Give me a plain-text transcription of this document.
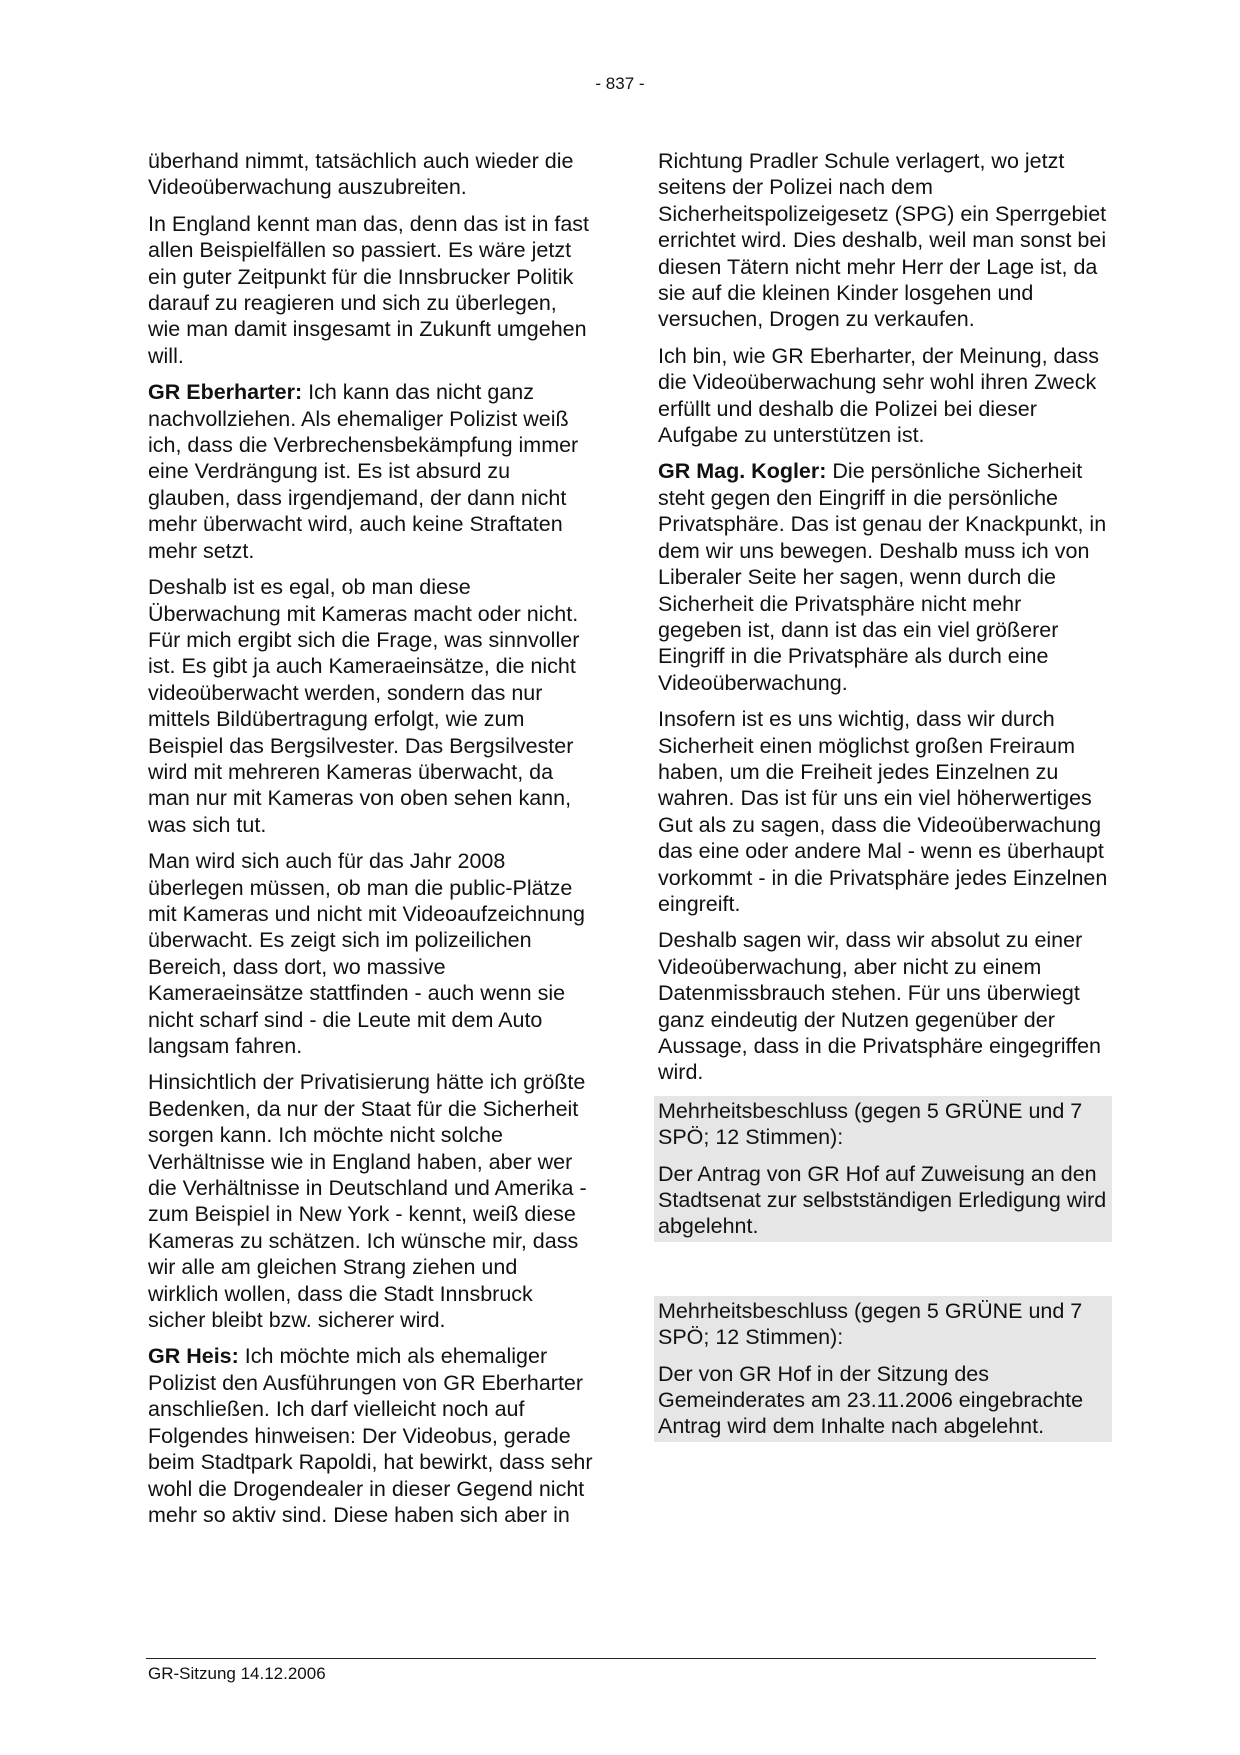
- 837 -

überhand nimmt, tatsächlich auch wieder die Videoüberwachung auszubreiten.

In England kennt man das, denn das ist in fast allen Beispielfällen so passiert. Es wäre jetzt ein guter Zeitpunkt für die Innsbrucker Politik darauf zu reagieren und sich zu überlegen, wie man damit insgesamt in Zukunft umgehen will.

GR Eberharter: Ich kann das nicht ganz nachvollziehen. Als ehemaliger Polizist weiß ich, dass die Verbrechensbekämpfung immer eine Verdrängung ist. Es ist absurd zu glauben, dass irgendjemand, der dann nicht mehr überwacht wird, auch keine Straftaten mehr setzt.

Deshalb ist es egal, ob man diese Überwachung mit Kameras macht oder nicht. Für mich ergibt sich die Frage, was sinnvoller ist. Es gibt ja auch Kameraeinsätze, die nicht videoüberwacht werden, sondern das nur mittels Bildübertragung erfolgt, wie zum Beispiel das Bergsilvester. Das Bergsilvester wird mit mehreren Kameras überwacht, da man nur mit Kameras von oben sehen kann, was sich tut.

Man wird sich auch für das Jahr 2008 überlegen müssen, ob man die public-Plätze mit Kameras und nicht mit Videoaufzeichnung überwacht. Es zeigt sich im polizeilichen Bereich, dass dort, wo massive Kameraeinsätze stattfinden - auch wenn sie nicht scharf sind - die Leute mit dem Auto langsam fahren.

Hinsichtlich der Privatisierung hätte ich größte Bedenken, da nur der Staat für die Sicherheit sorgen kann. Ich möchte nicht solche Verhältnisse wie in England haben, aber wer die Verhältnisse in Deutschland und Amerika - zum Beispiel in New York - kennt, weiß diese Kameras zu schätzen. Ich wünsche mir, dass wir alle am gleichen Strang ziehen und wirklich wollen, dass die Stadt Innsbruck sicher bleibt bzw. sicherer wird.

GR Heis: Ich möchte mich als ehemaliger Polizist den Ausführungen von GR Eberharter anschließen. Ich darf vielleicht noch auf Folgendes hinweisen: Der Videobus, gerade beim Stadtpark Rapoldi, hat bewirkt, dass sehr wohl die Drogendealer in dieser Gegend nicht mehr so aktiv sind. Diese haben sich aber in

Richtung Pradler Schule verlagert, wo jetzt seitens der Polizei nach dem Sicherheitspolizeigesetz (SPG) ein Sperrgebiet errichtet wird. Dies deshalb, weil man sonst bei diesen Tätern nicht mehr Herr der Lage ist, da sie auf die kleinen Kinder losgehen und versuchen, Drogen zu verkaufen.

Ich bin, wie GR Eberharter, der Meinung, dass die Videoüberwachung sehr wohl ihren Zweck erfüllt und deshalb die Polizei bei dieser Aufgabe zu unterstützen ist.

GR Mag. Kogler: Die persönliche Sicherheit steht gegen den Eingriff in die persönliche Privatsphäre. Das ist genau der Knackpunkt, in dem wir uns bewegen. Deshalb muss ich von Liberaler Seite her sagen, wenn durch die Sicherheit die Privatsphäre nicht mehr gegeben ist, dann ist das ein viel größerer Eingriff in die Privatsphäre als durch eine Videoüberwachung.

Insofern ist es uns wichtig, dass wir durch Sicherheit einen möglichst großen Freiraum haben, um die Freiheit jedes Einzelnen zu wahren. Das ist für uns ein viel höherwertiges Gut als zu sagen, dass die Videoüberwachung das eine oder andere Mal - wenn es überhaupt vorkommt - in die Privatsphäre jedes Einzelnen eingreift.

Deshalb sagen wir, dass wir absolut zu einer Videoüberwachung, aber nicht zu einem Datenmissbrauch stehen. Für uns überwiegt ganz eindeutig der Nutzen gegenüber der Aussage, dass in die Privatsphäre eingegriffen wird.

Mehrheitsbeschluss (gegen 5 GRÜNE und 7 SPÖ; 12 Stimmen):

Der Antrag von GR Hof auf Zuweisung an den Stadtsenat zur selbstständigen Erledigung wird abgelehnt.

Mehrheitsbeschluss (gegen 5 GRÜNE und 7 SPÖ; 12 Stimmen):

Der von GR Hof in der Sitzung des Gemeinderates am 23.11.2006 eingebrachte Antrag wird dem Inhalte nach abgelehnt.

GR-Sitzung 14.12.2006
